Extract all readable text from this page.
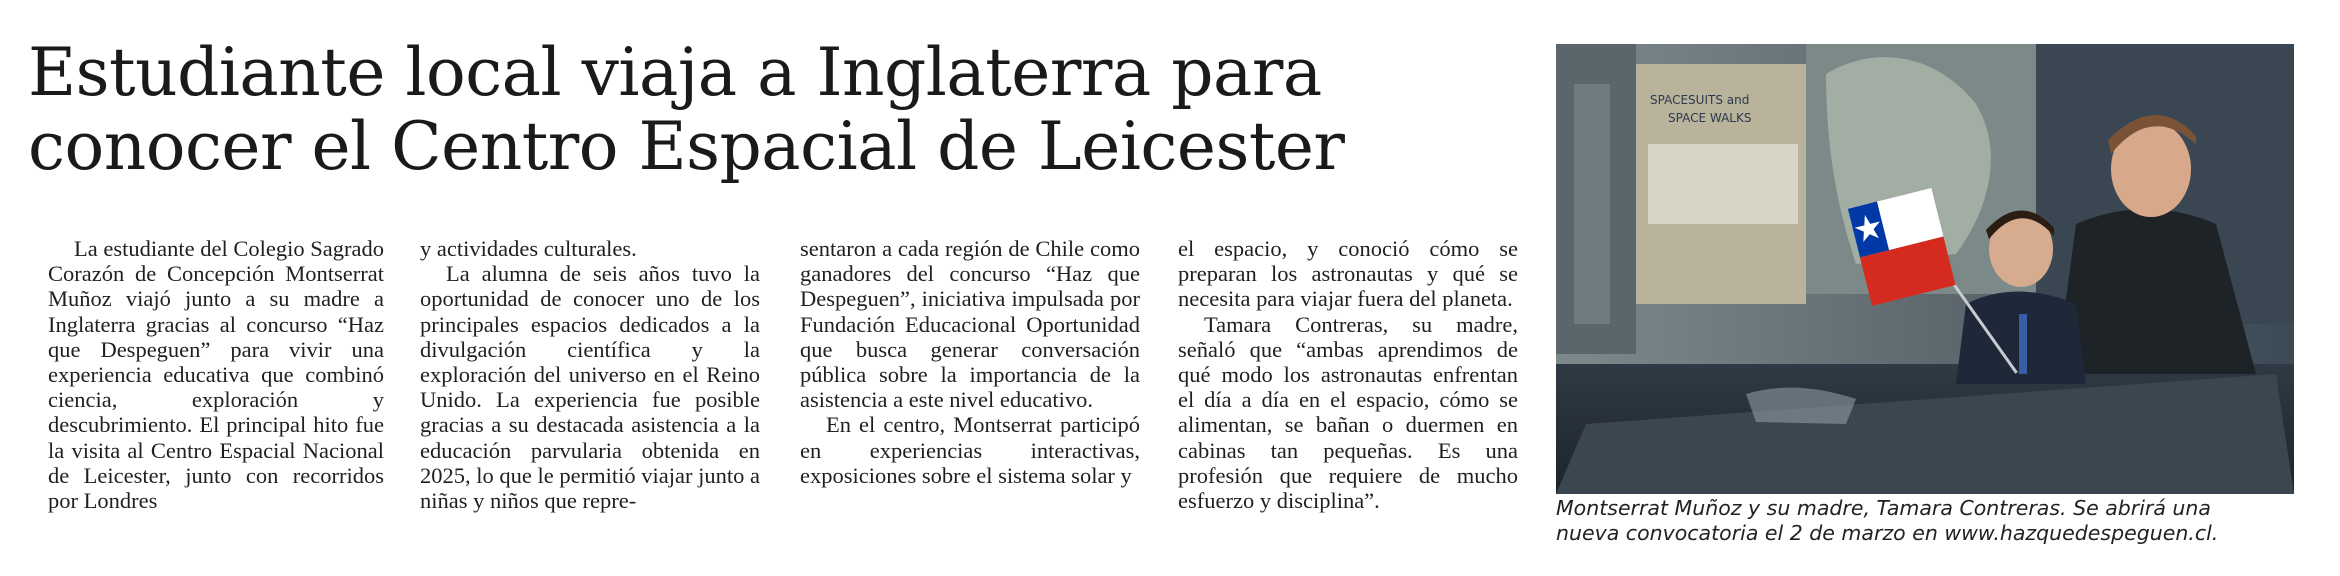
Estudiante local viaja a Inglaterra para
conocer el Centro Espacial de Leicester

La estudiante del Colegio Sagrado Corazón de Concepción Montserrat Muñoz viajó junto a su madre a Inglaterra gracias al concurso “Haz que Despeguen” para vivir una experiencia educativa que combinó ciencia, exploración y descubrimiento. El principal hito fue la visita al Centro Espacial Nacional de Leicester, junto con recorridos por Londres

y actividades culturales.

La alumna de seis años tuvo la oportunidad de conocer uno de los principales espacios dedicados a la divulgación científica y la exploración del universo en el Reino Unido. La experiencia fue posible gracias a su destacada asistencia a la educación parvularia obtenida en 2025, lo que le permitió viajar junto a niñas y niños que repre-

sentaron a cada región de Chile como ganadores del concurso “Haz que Despeguen”, iniciativa impulsada por Fundación Educacional Oportunidad que busca generar conversación pública sobre la importancia de la asistencia a este nivel educativo.

En el centro, Montserrat participó en experiencias interactivas, exposiciones sobre el sistema solar y

el espacio, y conoció cómo se preparan los astronautas y qué se necesita para viajar fuera del planeta.

Tamara Contreras, su madre, señaló que “ambas aprendimos de qué modo los astronautas enfrentan el día a día en el espacio, cómo se alimentan, se bañan o duermen en cabinas tan pequeñas. Es una profesión que requiere de mucho esfuerzo y disciplina”.

SPACESUITS and
SPACE WALKS
Montserrat Muñoz y su madre, Tamara Contreras. Se abrirá una
nueva convocatoria el 2 de marzo en www.hazquedespeguen.cl.
